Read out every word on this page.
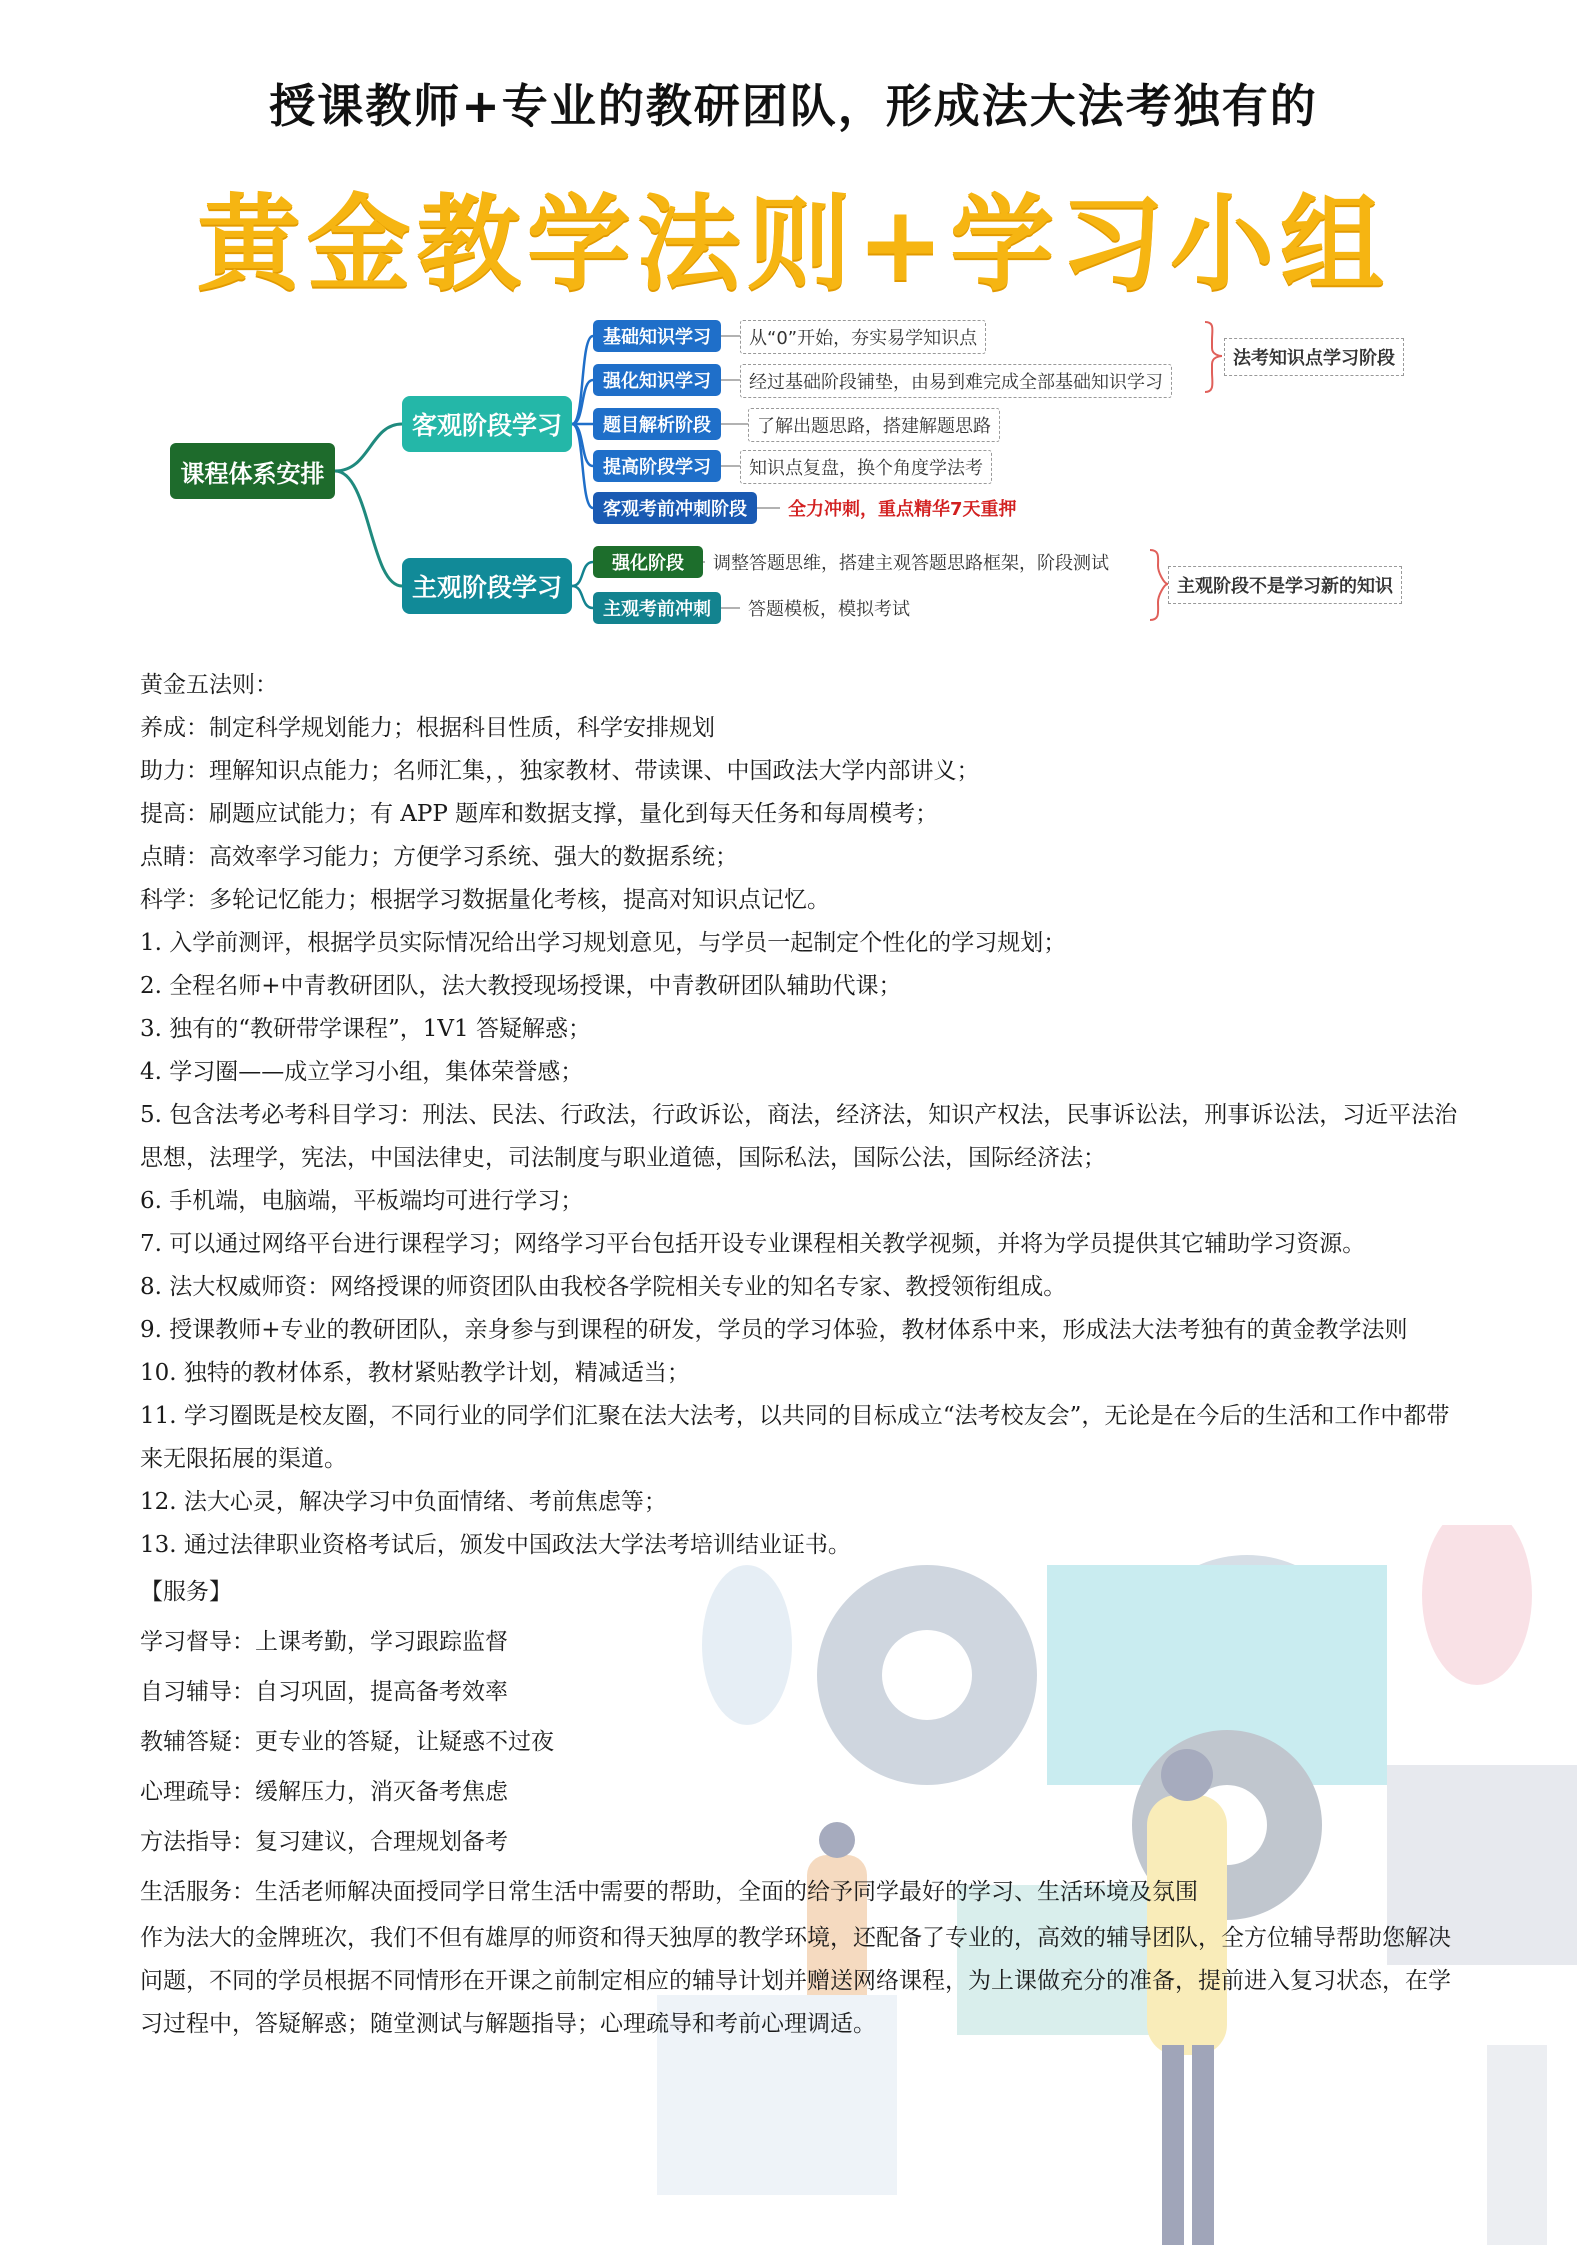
授课教师+专业的教研团队，形成法大法考独有的
黄金教学法则+学习小组
课程体系安排
客观阶段学习
主观阶段学习
基础知识学习
强化知识学习
题目解析阶段
提高阶段学习
客观考前冲刺阶段
从“0”开始，夯实易学知识点
经过基础阶段铺垫，由易到难完成全部基础知识学习
了解出题思路，搭建解题思路
知识点复盘，换个角度学法考
全力冲刺，重点精华7天重押
法考知识点学习阶段
强化阶段
主观考前冲刺
调整答题思维，搭建主观答题思路框架，阶段测试
答题模板，模拟考试
主观阶段不是学习新的知识
黄金五法则：
养成：制定科学规划能力；根据科目性质，科学安排规划
助力：理解知识点能力；名师汇集，，独家教材、带读课、中国政法大学内部讲义；
提高：刷题应试能力；有 APP 题库和数据支撑，量化到每天任务和每周模考；
点睛：高效率学习能力；方便学习系统、强大的数据系统；
科学：多轮记忆能力；根据学习数据量化考核，提高对知识点记忆。
1. 入学前测评，根据学员实际情况给出学习规划意见，与学员一起制定个性化的学习规划；
2. 全程名师+中青教研团队，法大教授现场授课，中青教研团队辅助代课；
3. 独有的“教研带学课程”，1V1 答疑解惑；
4. 学习圈——成立学习小组，集体荣誉感；
5. 包含法考必考科目学习：刑法、民法、行政法，行政诉讼，商法，经济法，知识产权法，民事诉讼法，刑事诉讼法，习近平法治思想，法理学，宪法，中国法律史，司法制度与职业道德，国际私法，国际公法，国际经济法；
6. 手机端，电脑端，平板端均可进行学习；
7. 可以通过网络平台进行课程学习；网络学习平台包括开设专业课程相关教学视频，并将为学员提供其它辅助学习资源。
8. 法大权威师资：网络授课的师资团队由我校各学院相关专业的知名专家、教授领衔组成。
9. 授课教师+专业的教研团队，亲身参与到课程的研发，学员的学习体验，教材体系中来，形成法大法考独有的黄金教学法则
10. 独特的教材体系，教材紧贴教学计划，精减适当；
11. 学习圈既是校友圈，不同行业的同学们汇聚在法大法考，以共同的目标成立“法考校友会”，无论是在今后的生活和工作中都带来无限拓展的渠道。
12. 法大心灵，解决学习中负面情绪、考前焦虑等；
13. 通过法律职业资格考试后，颁发中国政法大学法考培训结业证书。
【服务】
学习督导：上课考勤，学习跟踪监督
自习辅导：自习巩固，提高备考效率
教辅答疑：更专业的答疑，让疑惑不过夜
心理疏导：缓解压力，消灭备考焦虑
方法指导：复习建议，合理规划备考
生活服务：生活老师解决面授同学日常生活中需要的帮助，全面的给予同学最好的学习、生活环境及氛围
作为法大的金牌班次，我们不但有雄厚的师资和得天独厚的教学环境，还配备了专业的，高效的辅导团队，全方位辅导帮助您解决问题，不同的学员根据不同情形在开课之前制定相应的辅导计划并赠送网络课程，为上课做充分的准备，提前进入复习状态，在学习过程中，答疑解惑；随堂测试与解题指导；心理疏导和考前心理调适。
